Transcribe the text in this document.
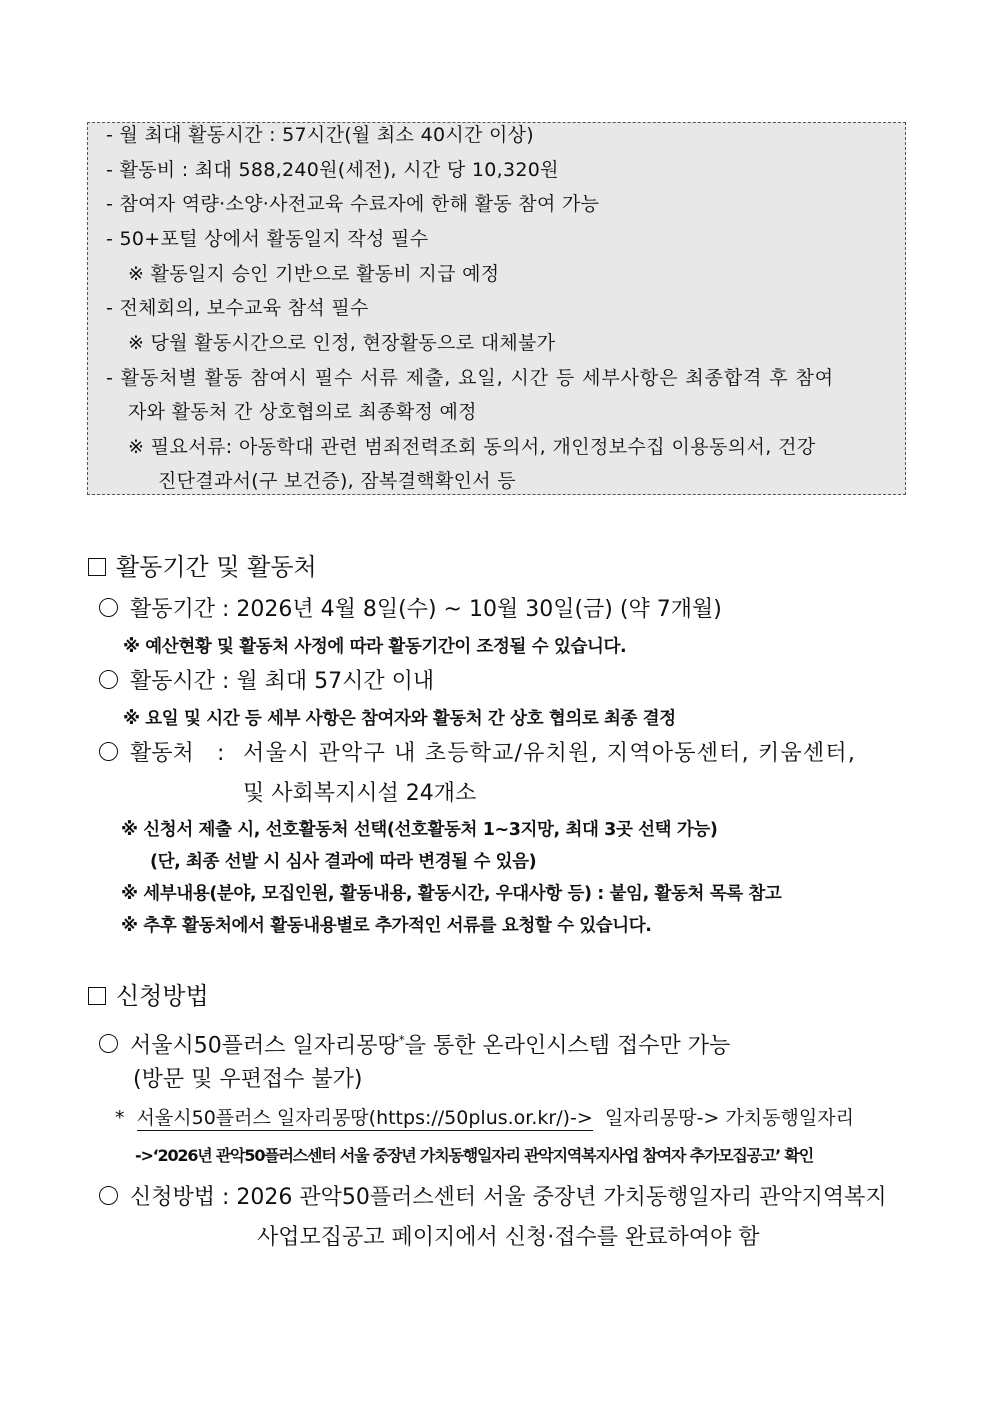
- 월 최대 활동시간 : 57시간(월 최소 40시간 이상)
- 활동비 : 최대 588,240원(세전), 시간 당 10,320원
- 참여자 역량·소양·사전교육 수료자에 한해 활동 참여 가능
- 50+포털 상에서 활동일지 작성 필수
※ 활동일지 승인 기반으로 활동비 지급 예정
- 전체회의, 보수교육 참석 필수
※ 당월 활동시간으로 인정, 현장활동으로 대체불가
- 활동처별 활동 참여시 필수 서류 제출, 요일, 시간 등 세부사항은 최종합격 후 참여
자와 활동처 간 상호협의로 최종확정 예정
※ 필요서류: 아동학대 관련 범죄전력조회 동의서, 개인정보수집 이용동의서, 건강
진단결과서(구 보건증), 잠복결핵확인서 등
활동기간 및 활동처
활동기간 : 2026년 4월 8일(수) ~ 10월 30일(금) (약 7개월)
※ 예산현황 및 활동처 사정에 따라 활동기간이 조정될 수 있습니다.
활동시간 : 월 최대 57시간 이내
※ 요일 및 시간 등 세부 사항은 참여자와 활동처 간 상호 협의로 최종 결정
활동처 : 서울시 관악구 내 초등학교/유치원, 지역아동센터, 키움센터,
및 사회복지시설 24개소
※ 신청서 제출 시, 선호활동처 선택(선호활동처 1~3지망, 최대 3곳 선택 가능)
(단, 최종 선발 시 심사 결과에 따라 변경될 수 있음)
※ 세부내용(분야, 모집인원, 활동내용, 활동시간, 우대사항 등) : 붙임, 활동처 목록 참고
※ 추후 활동처에서 활동내용별로 추가적인 서류를 요청할 수 있습니다.
신청방법
서울시50플러스 일자리몽땅*을 통한 온라인시스템 접수만 가능
(방문 및 우편접수 불가)
* 서울시50플러스 일자리몽땅(https://50plus.or.kr/)-> 일자리몽땅-> 가치동행일자리
->‘2026년 관악50플러스센터 서울 중장년 가치동행일자리 관악지역복지사업 참여자 추가모집공고’ 확인
신청방법 : 2026 관악50플러스센터 서울 중장년 가치동행일자리 관악지역복지
사업모집공고 페이지에서 신청·접수를 완료하여야 함
